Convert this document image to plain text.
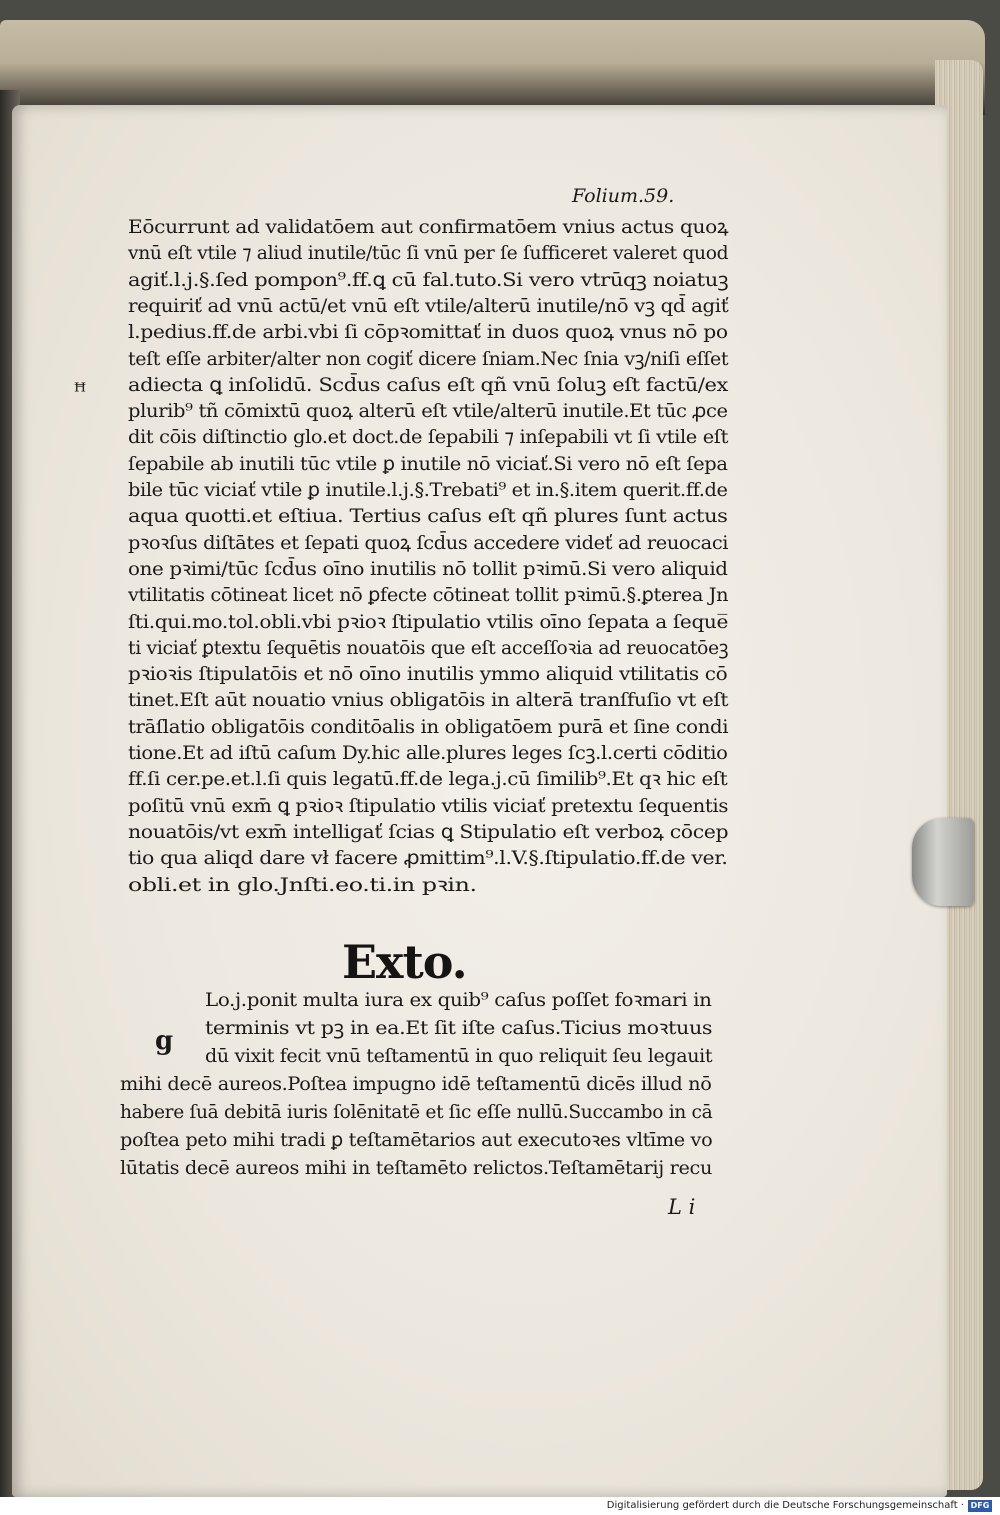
Folium.59.
ꟸ
Eōcurrunt ad validatōem aut confirmatōem vnius actus quoꝝ
vnū eſt vtile ⁊ aliud inutile/tūc ſi vnū per ſe ſufficeret valeret quod
agiť.l.j.§.ſed pompon⁹.ff.ꝗ cū fal.tuto.Si vero vtrūqꝫ noiatuꝫ
requiriť ad vnū actū/et vnū eſt vtile/alterū inutile/nō vꝫ qd̄ agiť
l.pedius.ff.de arbi.vbi ſi cōpꝛomittať in duos quoꝝ vnus nō po
teſt eſſe arbiter/alter non cogiť dicere ſniam.Nec ſnia vꝫ/niſi eſſet
adiecta ꝗ inſolidū. Scd̄us caſus eſt qñ vnū ſoluꝫ eſt factū/ex
plurib⁹ tñ cōmixtū quoꝝ alterū eſt vtile/alterū inutile.Et tūc ꝓce
dit cōis diſtinctio glo.et doct.de ſepabili ⁊ inſepabili vt ſi vtile eſt
ſepabile ab inutili tūc vtile ꝑ inutile nō viciať.Si vero nō eſt ſepa
bile tūc viciať vtile ꝑ inutile.l.j.§.Trebati⁹ et in.§.item querit.ff.de
aqua quotti.et eſtiua. Tertius caſus eſt qñ plures ſunt actus
pꝛoꝛſus diſtātes et ſepati quoꝝ ſcd̄us accedere videť ad reuocaci
one pꝛimi/tūc ſcd̄us oīno inutilis nō tollit pꝛimū.Si vero aliquid
vtilitatis cōtineat licet nō ꝑfecte cōtineat tollit pꝛimū.§.ꝑterea Jn
ſti.qui.mo.tol.obli.vbi pꝛioꝛ ſtipulatio vtilis oīno ſepata a ſeque̅
ti viciať ꝑtextu ſequētis nouatōis que eſt acceſſoꝛia ad reuocatōeꝫ
pꝛioꝛis ſtipulatōis et nō oīno inutilis ymmo aliquid vtilitatis cō
tinet.Eſt aūt nouatio vnius obligatōis in alterā tranſfuſio vt eſt
trāſlatio obligatōis conditōalis in obligatōem purā et ſine condi
tione.Et ad iſtū caſum Dy.hic alle.plures leges ſcꝫ.l.certi cōditio
ff.ſi cer.pe.et.l.ſi quis legatū.ff.de lega.j.cū ſimilib⁹.Et qꝛ hic eſt
poſitū vnū exm̄ ꝗ pꝛioꝛ ſtipulatio vtilis viciať pretextu ſequentis
nouatōis/vt exm̄ intelligať ſcias ꝗ Stipulatio eſt verboꝝ cōcep
tio qua aliqd dare vł facere ꝓmittim⁹.l.V.§.ſtipulatio.ff.de ver.
obli.et in glo.Jnſti.eo.ti.in pꝛin.
Exto.
g
Lo.j.ponit multa iura ex quib⁹ caſus poſſet foꝛmari in
terminis vt pꝫ in ea.Et ſit iſte caſus.Ticius moꝛtuus
dū vixit fecit vnū teſtamentū in quo reliquit ſeu legauit
mihi decē aureos.Poſtea impugno idē teſtamentū dicēs illud nō
habere ſuā debitā iuris ſolēnitatē et ſic eſſe nullū.Succambo in cā
poſtea peto mihi tradi ꝑ teſtamētarios aut executoꝛes vltīme vo
lūtatis decē aureos mihi in teſtamēto relictos.Teſtamētarij recu
L i
Digitalisierung gefördert durch die Deutsche Forschungsgemeinschaft · DFG
